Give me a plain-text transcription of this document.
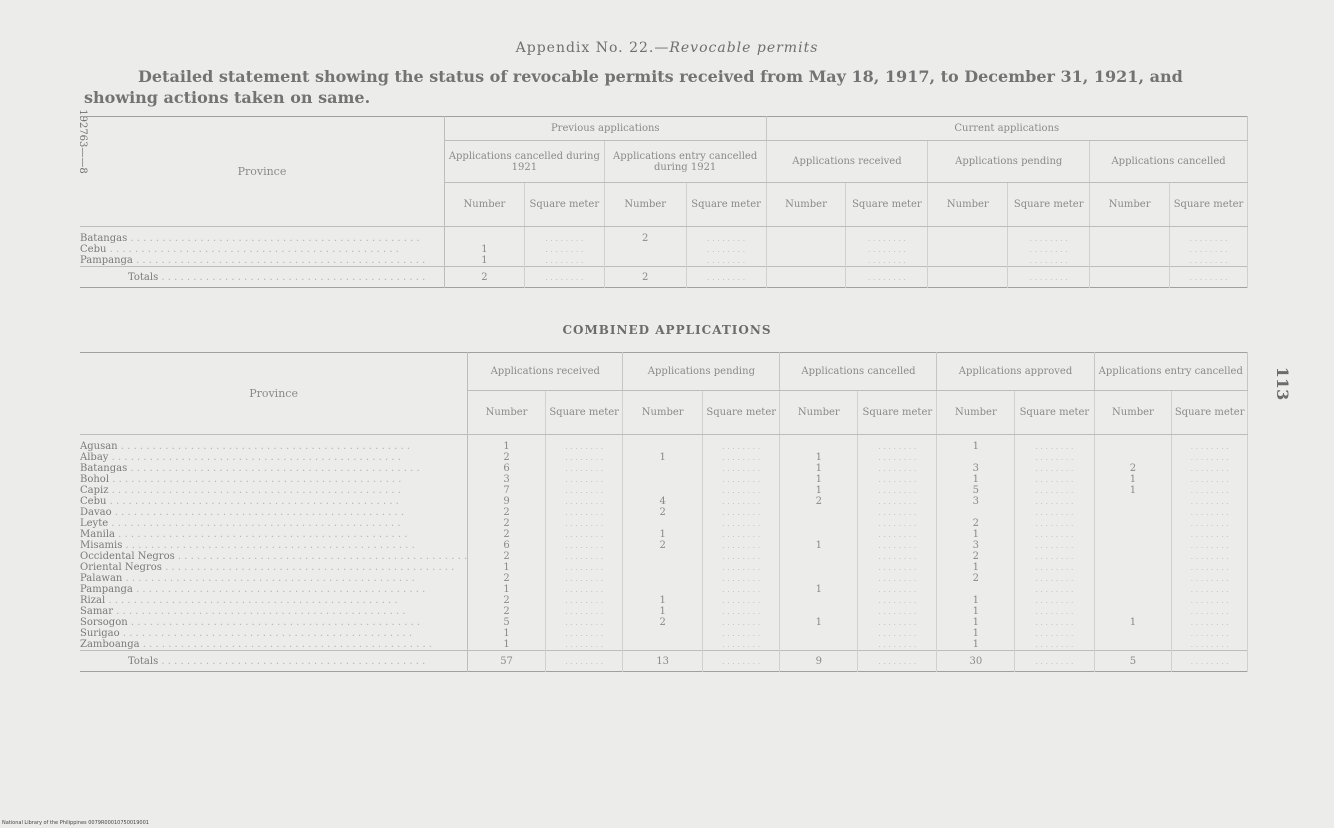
Appendix No. 22.—Revocable permits
Detailed statement showing the status of revocable permits received from May 18, 1917, to December 31, 1921, and showing actions taken on same.
192763——8
113
Province	Previous applications				Current applications					
	Applications cancelled during 1921		Applications entry cancelled during 1921		Applications received		Applications pending		Applications cancelled	
	Number	Square meter	Number	Square meter	Number	Square meter	Number	Square meter	Number	Square meter

Batangas . . . . . . . . . . . . . . . . . . . . . . . . . . . . . . . . . . . . . . . . . . . . . .		. . . . . . . .	2	. . . . . . . .		. . . . . . . .		. . . . . . . .		. . . . . . . .
Cebu . . . . . . . . . . . . . . . . . . . . . . . . . . . . . . . . . . . . . . . . . . . . . .	1	. . . . . . . .		. . . . . . . .		. . . . . . . .		. . . . . . . .		. . . . . . . .
Pampanga . . . . . . . . . . . . . . . . . . . . . . . . . . . . . . . . . . . . . . . . . . . . . .	1	. . . . . . . .		. . . . . . . .		. . . . . . . .		. . . . . . . .		. . . . . . . .
Totals . . . . . . . . . . . . . . . . . . . . . . . . . . . . . . . . . . . . . . . . . .	2	. . . . . . . .	2	. . . . . . . .		. . . . . . . .		. . . . . . . .		. . . . . . . .
COMBINED APPLICATIONS
Province	Applications received		Applications pending		Applications cancelled		Applications approved		Applications entry cancelled	
	Number	Square meter	Number	Square meter	Number	Square meter	Number	Square meter	Number	Square meter

Agusan . . . . . . . . . . . . . . . . . . . . . . . . . . . . . . . . . . . . . . . . . . . . . .	1	. . . . . . . .		. . . . . . . .		. . . . . . . .	1	. . . . . . . .		. . . . . . . .
Albay . . . . . . . . . . . . . . . . . . . . . . . . . . . . . . . . . . . . . . . . . . . . . .	2	. . . . . . . .	1	. . . . . . . .	1	. . . . . . . .		. . . . . . . .		. . . . . . . .
Batangas . . . . . . . . . . . . . . . . . . . . . . . . . . . . . . . . . . . . . . . . . . . . . .	6	. . . . . . . .		. . . . . . . .	1	. . . . . . . .	3	. . . . . . . .	2	. . . . . . . .
Bohol . . . . . . . . . . . . . . . . . . . . . . . . . . . . . . . . . . . . . . . . . . . . . .	3	. . . . . . . .		. . . . . . . .	1	. . . . . . . .	1	. . . . . . . .	1	. . . . . . . .
Capiz . . . . . . . . . . . . . . . . . . . . . . . . . . . . . . . . . . . . . . . . . . . . . .	7	. . . . . . . .		. . . . . . . .	1	. . . . . . . .	5	. . . . . . . .	1	. . . . . . . .
Cebu . . . . . . . . . . . . . . . . . . . . . . . . . . . . . . . . . . . . . . . . . . . . . .	9	. . . . . . . .	4	. . . . . . . .	2	. . . . . . . .	3	. . . . . . . .		. . . . . . . .
Davao . . . . . . . . . . . . . . . . . . . . . . . . . . . . . . . . . . . . . . . . . . . . . .	2	. . . . . . . .	2	. . . . . . . .		. . . . . . . .		. . . . . . . .		. . . . . . . .
Leyte . . . . . . . . . . . . . . . . . . . . . . . . . . . . . . . . . . . . . . . . . . . . . .	2	. . . . . . . .		. . . . . . . .		. . . . . . . .	2	. . . . . . . .		. . . . . . . .
Manila . . . . . . . . . . . . . . . . . . . . . . . . . . . . . . . . . . . . . . . . . . . . . .	2	. . . . . . . .	1	. . . . . . . .		. . . . . . . .	1	. . . . . . . .		. . . . . . . .
Misamis . . . . . . . . . . . . . . . . . . . . . . . . . . . . . . . . . . . . . . . . . . . . . .	6	. . . . . . . .	2	. . . . . . . .	1	. . . . . . . .	3	. . . . . . . .		. . . . . . . .
Occidental Negros . . . . . . . . . . . . . . . . . . . . . . . . . . . . . . . . . . . . . . . . . . . . . .	2	. . . . . . . .		. . . . . . . .		. . . . . . . .	2	. . . . . . . .		. . . . . . . .
Oriental Negros . . . . . . . . . . . . . . . . . . . . . . . . . . . . . . . . . . . . . . . . . . . . . .	1	. . . . . . . .		. . . . . . . .		. . . . . . . .	1	. . . . . . . .		. . . . . . . .
Palawan . . . . . . . . . . . . . . . . . . . . . . . . . . . . . . . . . . . . . . . . . . . . . .	2	. . . . . . . .		. . . . . . . .		. . . . . . . .	2	. . . . . . . .		. . . . . . . .
Pampanga . . . . . . . . . . . . . . . . . . . . . . . . . . . . . . . . . . . . . . . . . . . . . .	1	. . . . . . . .		. . . . . . . .	1	. . . . . . . .		. . . . . . . .		. . . . . . . .
Rizal . . . . . . . . . . . . . . . . . . . . . . . . . . . . . . . . . . . . . . . . . . . . . .	2	. . . . . . . .	1	. . . . . . . .		. . . . . . . .	1	. . . . . . . .		. . . . . . . .
Samar . . . . . . . . . . . . . . . . . . . . . . . . . . . . . . . . . . . . . . . . . . . . . .	2	. . . . . . . .	1	. . . . . . . .		. . . . . . . .	1	. . . . . . . .		. . . . . . . .
Sorsogon . . . . . . . . . . . . . . . . . . . . . . . . . . . . . . . . . . . . . . . . . . . . . .	5	. . . . . . . .	2	. . . . . . . .	1	. . . . . . . .	1	. . . . . . . .	1	. . . . . . . .
Surigao . . . . . . . . . . . . . . . . . . . . . . . . . . . . . . . . . . . . . . . . . . . . . .	1	. . . . . . . .		. . . . . . . .		. . . . . . . .	1	. . . . . . . .		. . . . . . . .
Zamboanga . . . . . . . . . . . . . . . . . . . . . . . . . . . . . . . . . . . . . . . . . . . . . .	1	. . . . . . . .		. . . . . . . .		. . . . . . . .	1	. . . . . . . .		. . . . . . . .
Totals . . . . . . . . . . . . . . . . . . . . . . . . . . . . . . . . . . . . . . . . . .	57	. . . . . . . .	13	. . . . . . . .	9	. . . . . . . .	30	. . . . . . . .	5	. . . . . . . .
National Library of the Philippines 0079R00010750019001
